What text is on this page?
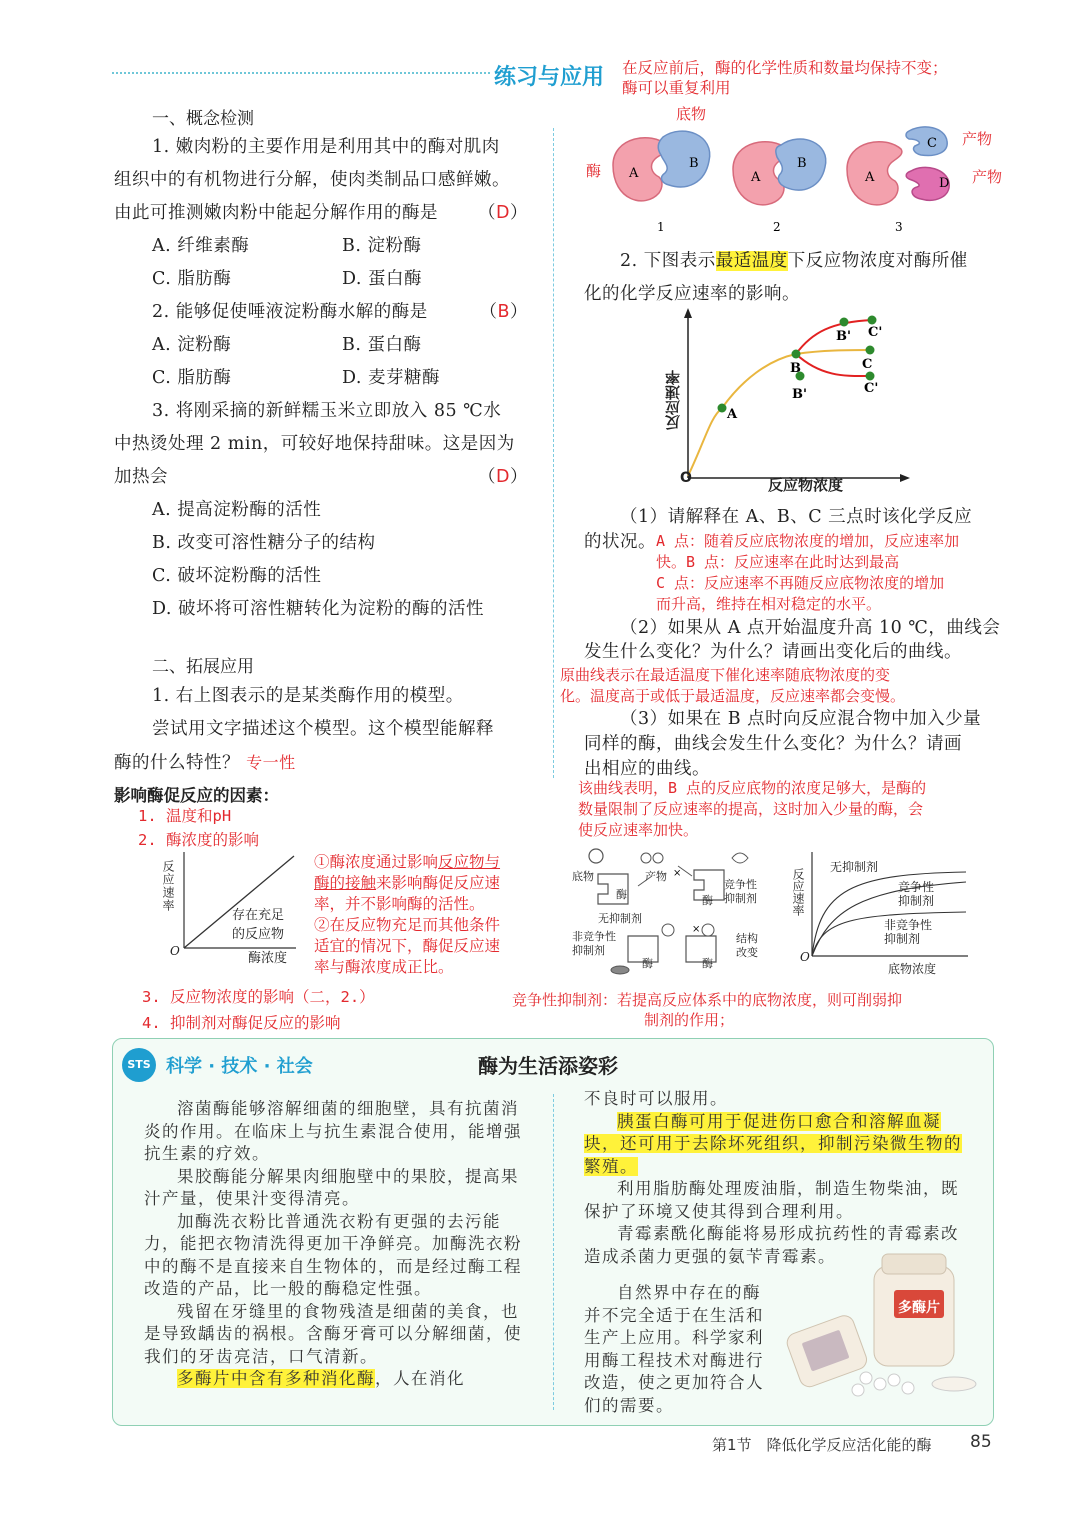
练习与应用 在反应前后，酶的化学性质和数量均保持不变；
酶可以重复利用
一、概念检测
1. 嫩肉粉的主要作用是利用其中的酶对肌肉
组织中的有机物进行分解，使肉类制品口感鲜嫩。
由此可推测嫩肉粉中能起分解作用的酶是 （D）
A. 纤维素酶	B. 淀粉酶
C. 脂肪酶	D. 蛋白酶
2. 能够促使唾液淀粉酶水解的酶是	（B）
A. 淀粉酶	B. 蛋白酶
C. 脂肪酶	D. 麦芽糖酶
3. 将刚采摘的新鲜糯玉米立即放入 85 ℃水
中热烫处理 2 min，可较好地保持甜味。这是因为
加热会	（D）
A. 提高淀粉酶的活性
B. 改变可溶性糖分子的结构
C. 破坏淀粉酶的活性
D. 破坏将可溶性糖转化为淀粉的酶的活性
二、拓展应用
1. 右上图表示的是某类酶作用的模型。
尝试用文字描述这个模型。这个模型能解释
酶的什么特性？ 专一性
影响酶促反应的因素：
1. 温度和pH
2. 酶浓度的影响
反应速率
O	酶浓度
存在充足
的反应物
①酶浓度通过影响反应物与
酶的接触来影响酶促反应速
率，并不影响酶的活性。
②在反应物充足而其他条件
适宜的情况下，酶促反应速
率与酶浓度成正比。
3. 反应物浓度的影响（二，2.）
4. 抑制剂对酶促反应的影响
竞争性抑制剂：若提高反应体系中的底物浓度，则可削弱抑
制剂的作用；
×
×
底物	产物
酶	酶
竞争性
抑制剂
无抑制剂
非竞争性
抑制剂
酶	酶
结构
改变
反应速率
O
底物浓度
无抑制剂
竞争性
抑制剂
非竞争性
抑制剂
A
B
1
A
B
2
A
C
D
3
底物
酶
产物
产物
2. 下图表示最适温度下反应物浓度对酶所催
化的化学反应速率的影响。
A
B	C
B' C'
B'	C'
反应速率
O	反应物浓度
（1）请解释在 A、B、C 三点时该化学反应
的状况。 A 点：随着反应底物浓度的增加，反应速率加
快。B 点：反应速率在此时达到最高
C 点：反应速率不再随反应底物浓度的增加
而升高，维持在相对稳定的水平。
（2）如果从 A 点开始温度升高 10 ℃，曲线会
发生什么变化？为什么？请画出变化后的曲线。
原曲线表示在最适温度下催化速率随底物浓度的变
化。温度高于或低于最适温度，反应速率都会变慢。
（3）如果在 B 点时向反应混合物中加入少量
同样的酶，曲线会发生什么变化？为什么？请画
出相应的曲线。
该曲线表明，B 点的反应底物的浓度足够大，是酶的
数量限制了反应速率的提高，这时加入少量的酶，会
使反应速率加快。
STS 科学 · 技术 · 社会	酶为生活添姿彩

溶菌酶能够溶解细菌的细胞壁，具有抗菌消炎的作用。在临床上与抗生素混合使用，能增强抗生素的疗效。

果胶酶能分解果肉细胞壁中的果胶，提高果汁产量，使果汁变得清亮。

加酶洗衣粉比普通洗衣粉有更强的去污能力，能把衣物清洗得更加干净鲜亮。加酶洗衣粉中的酶不是直接来自生物体的，而是经过酶工程改造的产品，比一般的酶稳定性强。

残留在牙缝里的食物残渣是细菌的美食，也是导致龋齿的祸根。含酶牙膏可以分解细菌，使我们的牙齿亮洁，口气清新。

多酶片中含有多种消化酶，人在消化

不良时可以服用。

胰蛋白酶可用于促进伤口愈合和溶解血凝块，还可用于去除坏死组织，抑制污染微生物的繁殖。

利用脂肪酶处理废油脂，制造生物柴油，既保护了环境又使其得到合理利用。

青霉素酰化酶能将易形成抗药性的青霉素改造成杀菌力更强的氨苄青霉素。

自然界中存在的酶并不完全适于在生活和生产上应用。科学家利用酶工程技术对酶进行改造，使之更加符合人们的需要。
多酶片
第1节　降低化学反应活化能的酶 85
